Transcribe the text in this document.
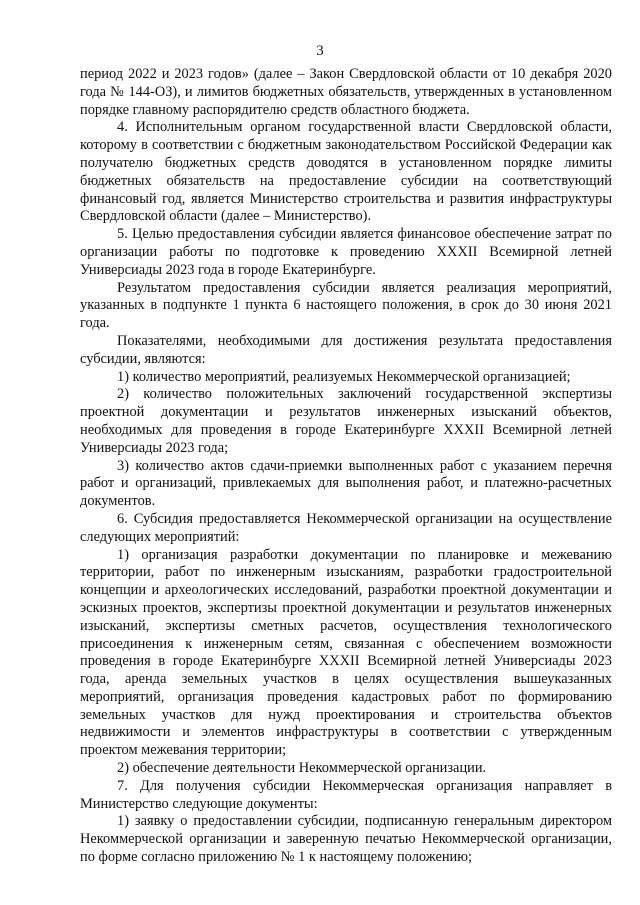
3

период 2022 и 2023 годов» (далее – Закон Свердловской области от 10 декабря 2020 года № 144-ОЗ), и лимитов бюджетных обязательств, утвержденных в установленном порядке главному распорядителю средств областного бюджета.

4. Исполнительным органом государственной власти Свердловской области, которому в соответствии с бюджетным законодательством Российской Федерации как получателю бюджетных средств доводятся в установленном порядке лимиты бюджетных обязательств на предоставление субсидии на соответствующий финансовый год, является Министерство строительства и развития инфраструктуры Свердловской области (далее – Министерство).

5. Целью предоставления субсидии является финансовое обеспечение затрат по организации работы по подготовке к проведению XXXII Всемирной летней Универсиады 2023 года в городе Екатеринбурге.

Результатом предоставления субсидии является реализация мероприятий, указанных в подпункте 1 пункта 6 настоящего положения, в срок до 30 июня 2021 года.

Показателями, необходимыми для достижения результата предоставления субсидии, являются:

1) количество мероприятий, реализуемых Некоммерческой организацией;

2) количество положительных заключений государственной экспертизы проектной документации и результатов инженерных изысканий объектов, необходимых для проведения в городе Екатеринбурге XXXII Всемирной летней Универсиады 2023 года;

3) количество актов сдачи-приемки выполненных работ с указанием перечня работ и организаций, привлекаемых для выполнения работ, и платежно-расчетных документов.

6. Субсидия предоставляется Некоммерческой организации на осуществление следующих мероприятий:

1) организация разработки документации по планировке и межеванию территории, работ по инженерным изысканиям, разработки градостроительной концепции и археологических исследований, разработки проектной документации и эскизных проектов, экспертизы проектной документации и результатов инженерных изысканий, экспертизы сметных расчетов, осуществления технологического присоединения к инженерным сетям, связанная с обеспечением возможности проведения в городе Екатеринбурге XXXII Всемирной летней Универсиады 2023 года, аренда земельных участков в целях осуществления вышеуказанных мероприятий, организация проведения кадастровых работ по формированию земельных участков для нужд проектирования и строительства объектов недвижимости и элементов инфраструктуры в соответствии с утвержденным проектом межевания территории;

2) обеспечение деятельности Некоммерческой организации.

7. Для получения субсидии Некоммерческая организация направляет в Министерство следующие документы:

1) заявку о предоставлении субсидии, подписанную генеральным директором Некоммерческой организации и заверенную печатью Некоммерческой организации, по форме согласно приложению № 1 к настоящему положению;
